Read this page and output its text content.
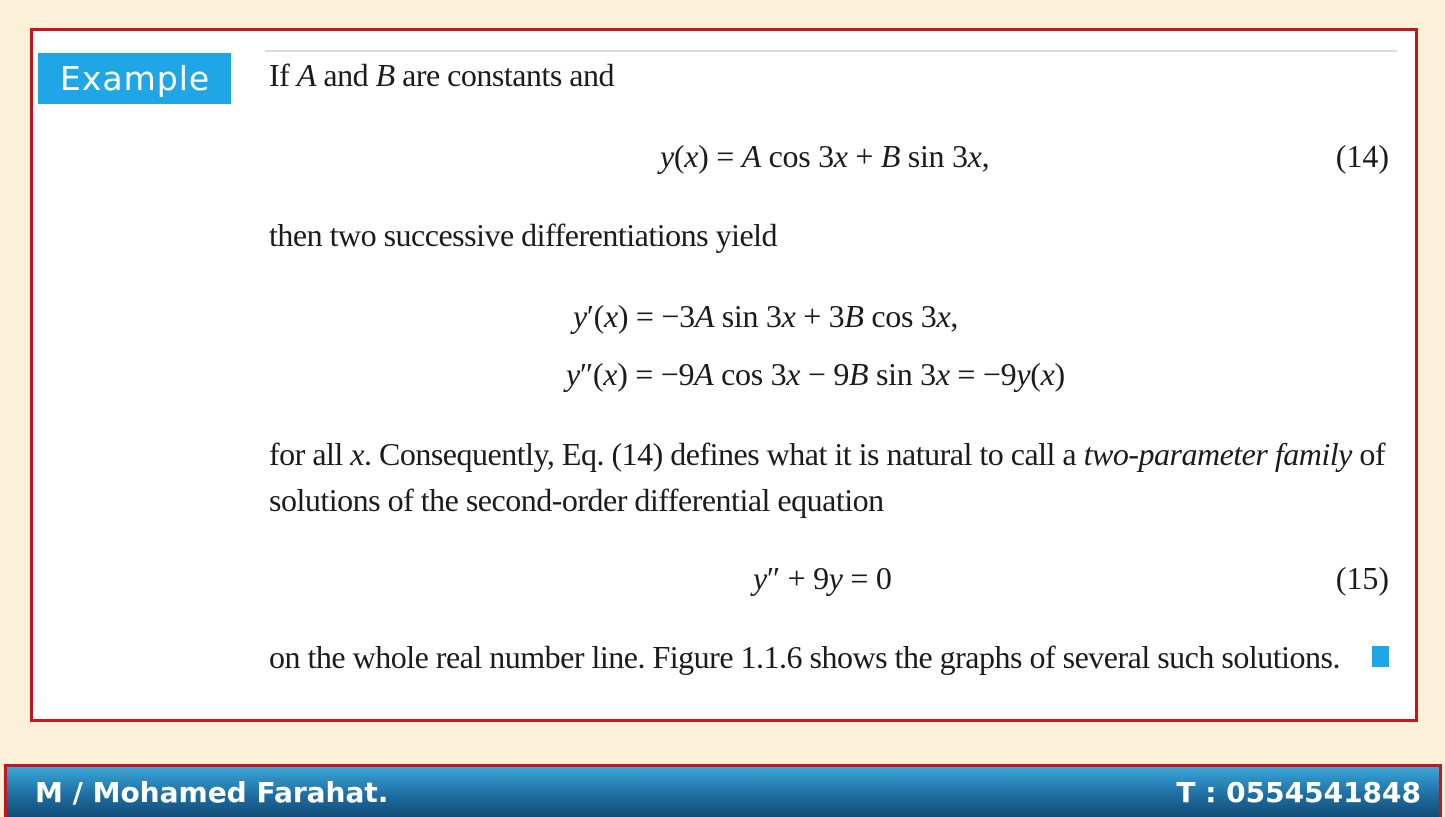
Example 9
If A and B are constants and
y(x) = A cos 3x + B sin 3x,	(14)
then two successive differentiations yield
y′(x) = −3A sin 3x + 3B cos 3x,
y″(x) = −9A cos 3x − 9B sin 3x = −9y(x)
for all x. Consequently, Eq. (14) defines what it is natural to call a two-parameter family of
solutions of the second-order differential equation
y″ + 9y = 0	(15)
on the whole real number line. Figure 1.1.6 shows the graphs of several such solutions.
M / Mohamed Farahat.	T : 0554541848
